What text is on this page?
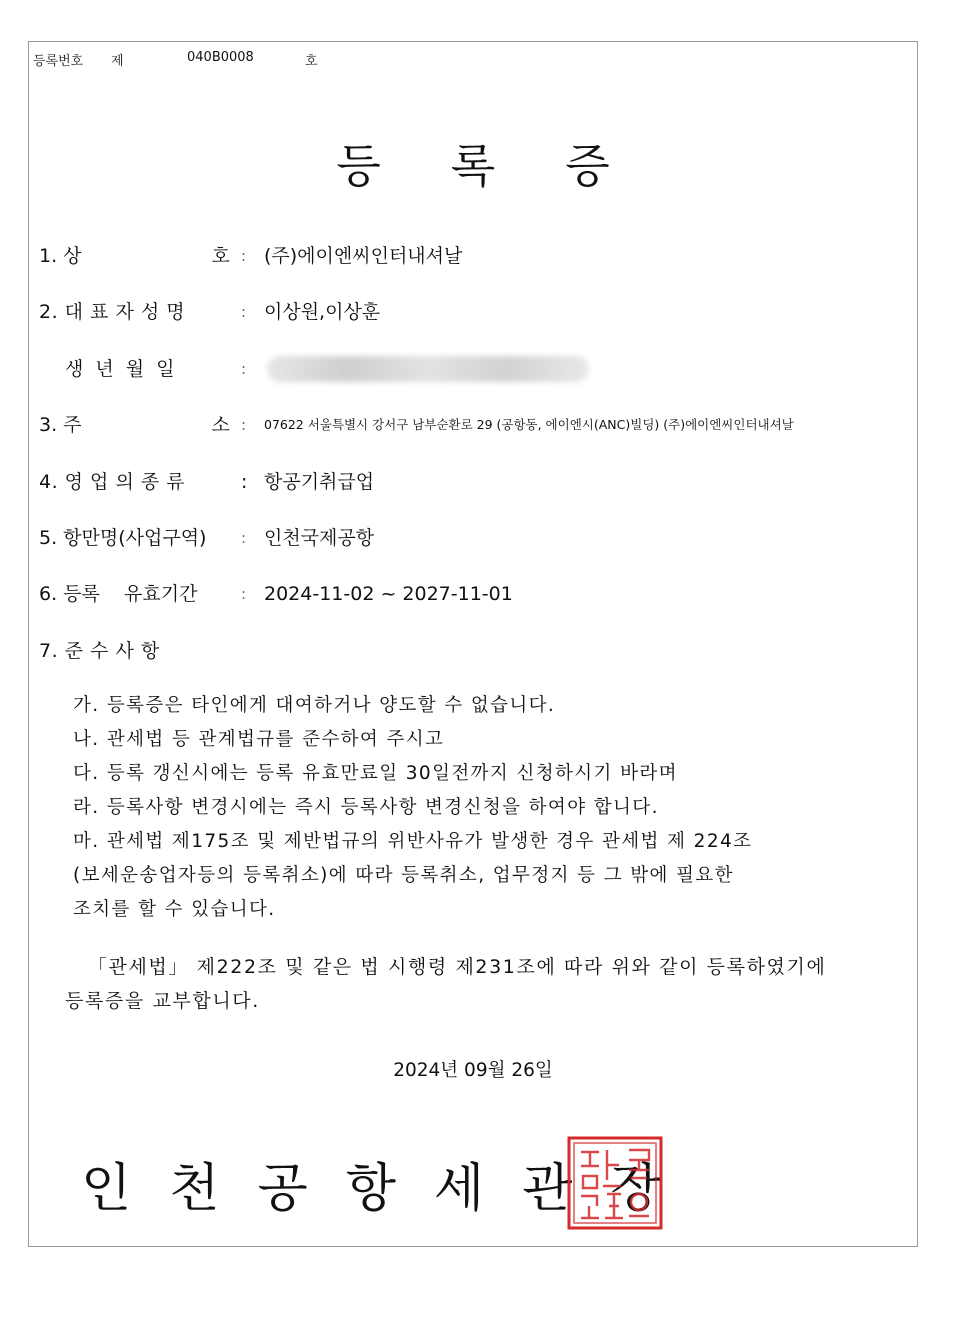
등록번호 제	040B0008	호
등록증
1. 상	호 : (주)에이엔씨인터내셔날
2. 대 표 자 성 명	: 이상원,이상훈
생 년 월 일	:
3. 주	소 : 07622 서울특별시 강서구 남부순환로 29 (공항동, 에이엔시(ANC)빌딩) (주)에이엔씨인터내셔날
4. 영 업 의 종 류	: 항공기취급업
5. 항만명(사업구역) : 인천국제공항
6. 등록    유효기간	: 2024-11-02 ~ 2027-11-01
7. 준 수 사 항
가. 등록증은 타인에게 대여하거나 양도할 수 없습니다.
나. 관세법 등 관계법규를 준수하여 주시고
다. 등록 갱신시에는 등록 유효만료일 30일전까지 신청하시기 바라며
라. 등록사항 변경시에는 즉시 등록사항 변경신청을 하여야 합니다.
마. 관세법 제175조 및 제반법규의 위반사유가 발생한 경우 관세법 제 224조
(보세운송업자등의 등록취소)에 따라 등록취소, 업무정지 등 그 밖에 필요한
조치를 할 수 있습니다.
「관세법」 제222조 및 같은 법 시행령 제231조에 따라 위와 같이 등록하였기에
등록증을 교부합니다.
2024년 09월 26일
인천공항세관장
